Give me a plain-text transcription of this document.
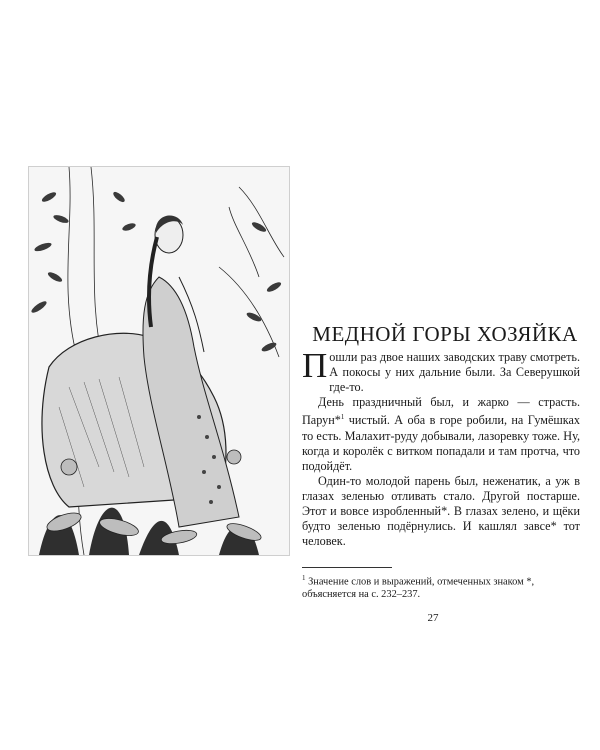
МЕДНОЙ ГОРЫ ХОЗЯЙКА

Пошли раз двое наших заводских траву смотреть. А покосы у них дальние были. За Северушкой где-то.

День праздничный был, и жарко — страсть. Парун*$^1$ чистый. А оба в горе робили, на Гумёшках то есть. Малахит-руду добывали, лазоревку тоже. Ну, когда и королёк с витком попадали и там протча, что подойдёт.

Один-то молодой парень был, неженатик, а уж в глазах зеленью отливать стало. Другой постарше. Этот и вовсе изробленный*. В глазах зелено, и щёки будто зеленью подёрнулись. И кашлял завсе* тот человек.

$^1$ Значение слов и выражений, отмеченных знаком *, объясняется на с. 232–237.
27
